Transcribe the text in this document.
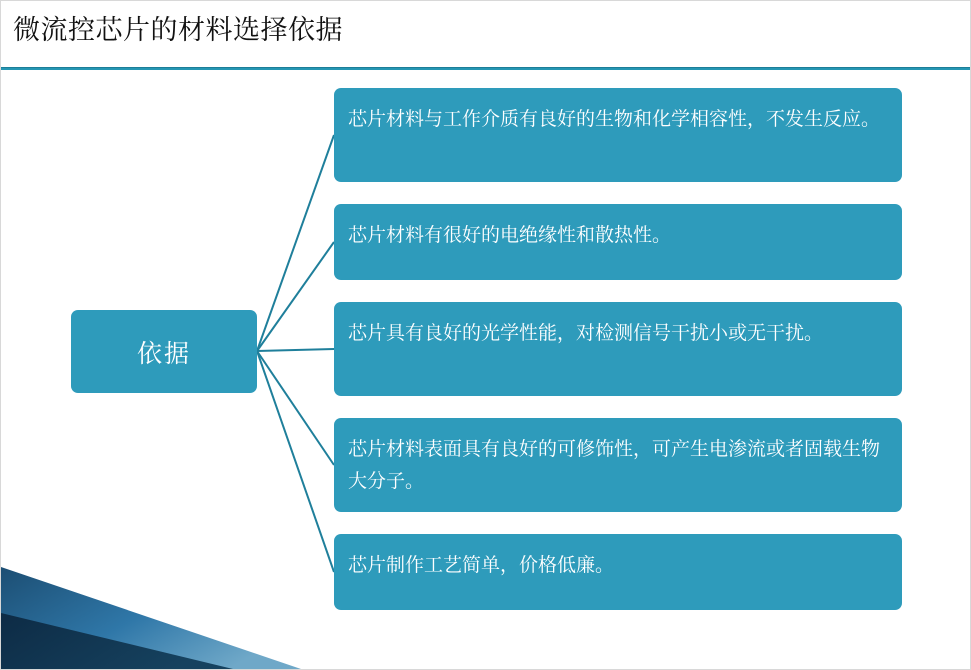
微流控芯片的材料选择依据
依据
芯片材料与工作介质有良好的生物和化学相容性，不发生反应。
芯片材料有很好的电绝缘性和散热性。
芯片具有良好的光学性能，对检测信号干扰小或无干扰。
芯片材料表面具有良好的可修饰性，可产生电渗流或者固载生物大分子。
芯片制作工艺简单，价格低廉。
